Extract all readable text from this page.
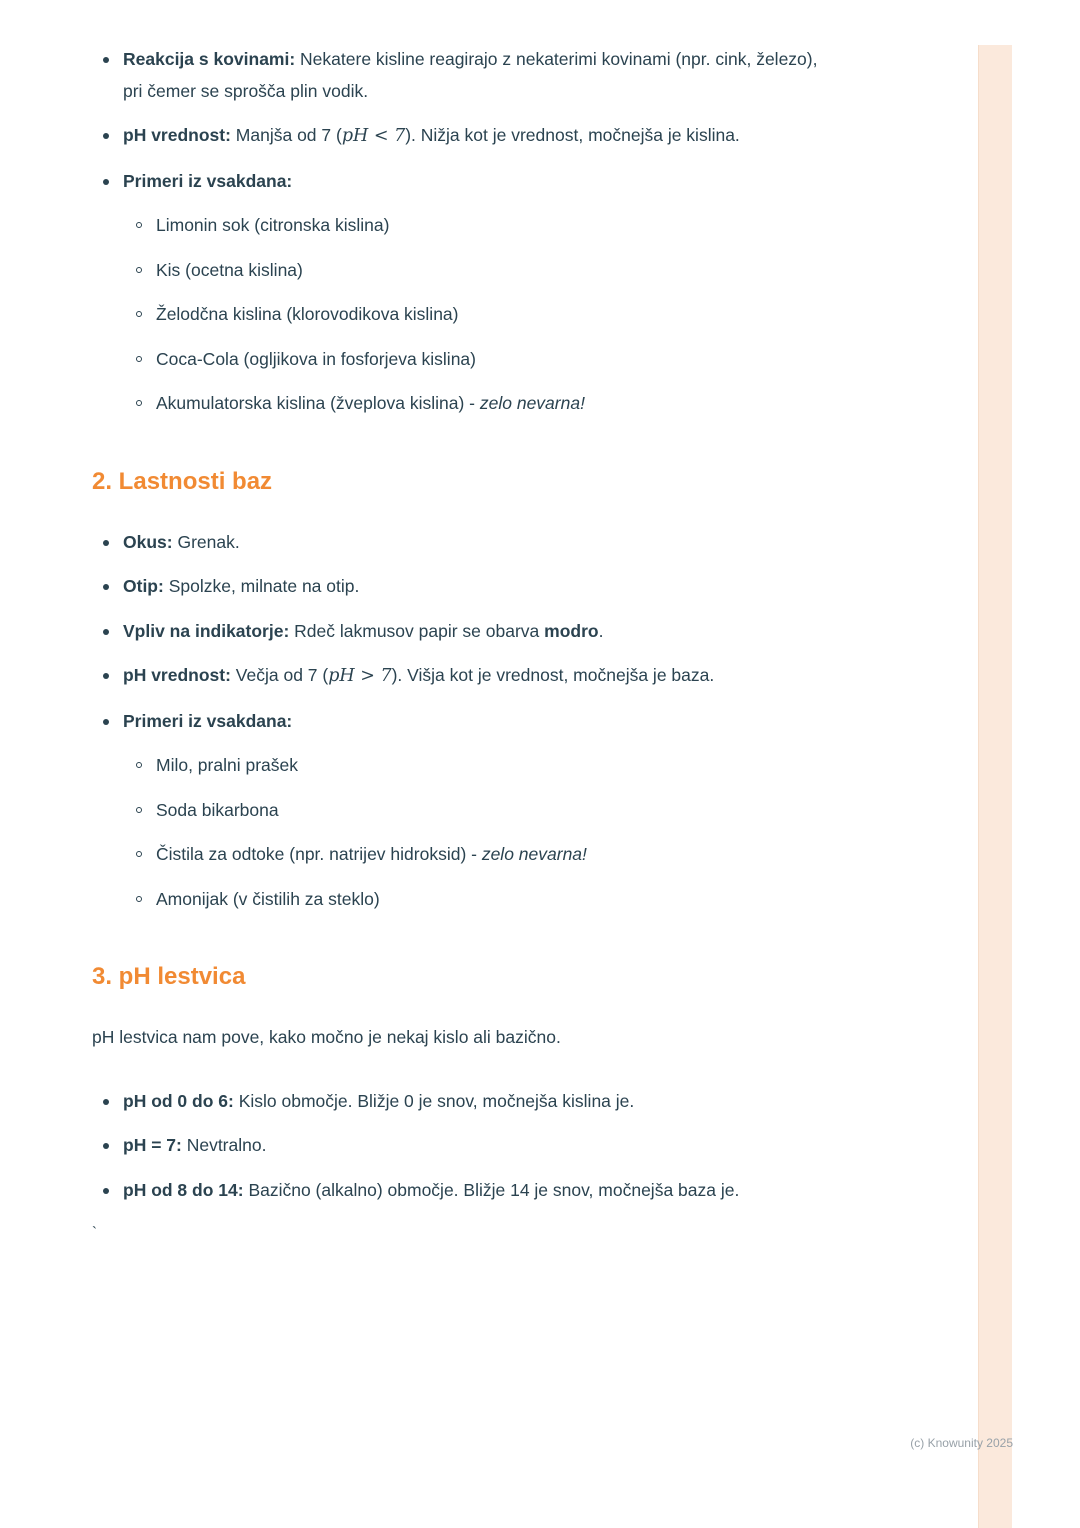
Reakcija s kovinami: Nekatere kisline reagirajo z nekaterimi kovinami (npr. cink, železo), pri čemer se sprošča plin vodik.
pH vrednost: Manjša od 7 (pH < 7). Nižja kot je vrednost, močnejša je kislina.
Primeri iz vsakdana:
Limonin sok (citronska kislina)
Kis (ocetna kislina)
Želodčna kislina (klorovodikova kislina)
Coca-Cola (ogljikova in fosforjeva kislina)
Akumulatorska kislina (žveplova kislina) - zelo nevarna!
2. Lastnosti baz
Okus: Grenak.
Otip: Spolzke, milnate na otip.
Vpliv na indikatorje: Rdeč lakmusov papir se obarva modro.
pH vrednost: Večja od 7 (pH > 7). Višja kot je vrednost, močnejša je baza.
Primeri iz vsakdana:
Milo, pralni prašek
Soda bikarbona
Čistila za odtoke (npr. natrijev hidroksid) - zelo nevarna!
Amonijak (v čistilih za steklo)
3. pH lestvica

pH lestvica nam pove, kako močno je nekaj kislo ali bazično.

pH od 0 do 6: Kislo območje. Bližje 0 je snov, močnejša kislina je.
pH = 7: Nevtralno.
pH od 8 do 14: Bazično (alkalno) območje. Bližje 14 je snov, močnejša baza je.

`

(c) Knowunity 2025
